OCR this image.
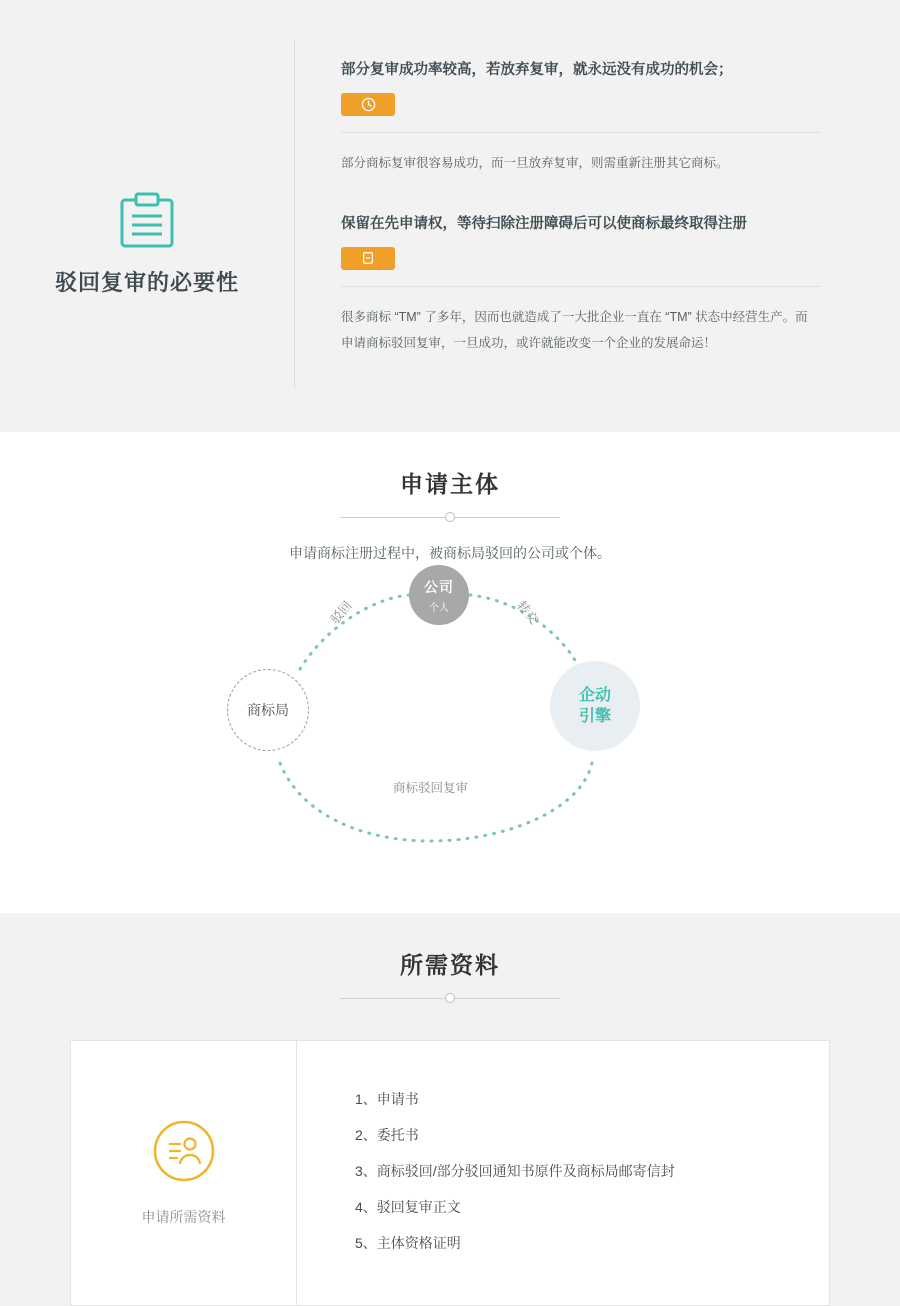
驳回复审的必要性

部分复审成功率较高，若放弃复审，就永远没有成功的机会；

部分商标复审很容易成功，而一旦放弃复审，则需重新注册其它商标。

保留在先申请权，等待扫除注册障碍后可以使商标最终取得注册

很多商标 “TM” 了多年，因而也就造成了一大批企业一直在 “TM” 状态中经营生产。而申请商标驳回复审，一旦成功，或许就能改变一个企业的发展命运！

申请主体
申请商标注册过程中，被商标局驳回的公司或个体。
公司
个人
商标局
企动
引擎
驳回	转交
商标驳回复审
所需资料
申请所需资料
1、申请书
2、委托书
3、商标驳回/部分驳回通知书原件及商标局邮寄信封
4、驳回复审正文
5、主体资格证明
